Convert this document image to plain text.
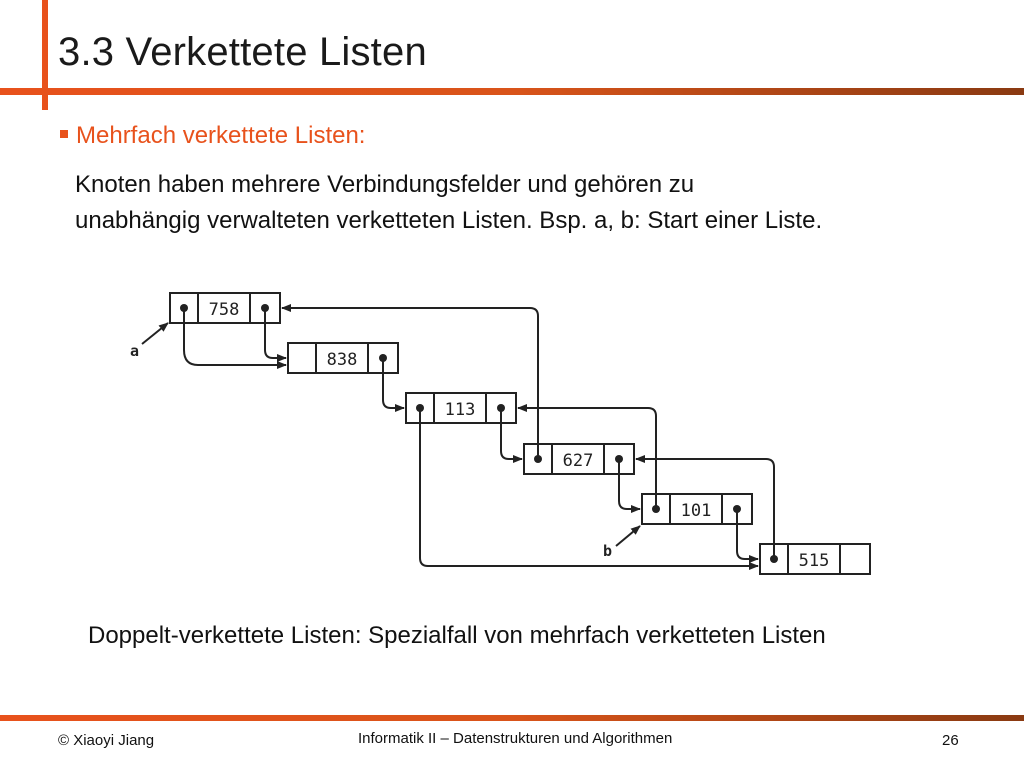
3.3 Verkettete Listen
Mehrfach verkettete Listen:
Knoten haben mehrere Verbindungsfelder und gehören zu
unabhängig verwalteten verketteten Listen. Bsp. a, b: Start einer Liste.
758
838
113
627
101
515
a
b
Doppelt-verkettete Listen: Spezialfall von mehrfach verketteten Listen
© Xiaoyi Jiang	Informatik II – Datenstrukturen und Algorithmen	26
